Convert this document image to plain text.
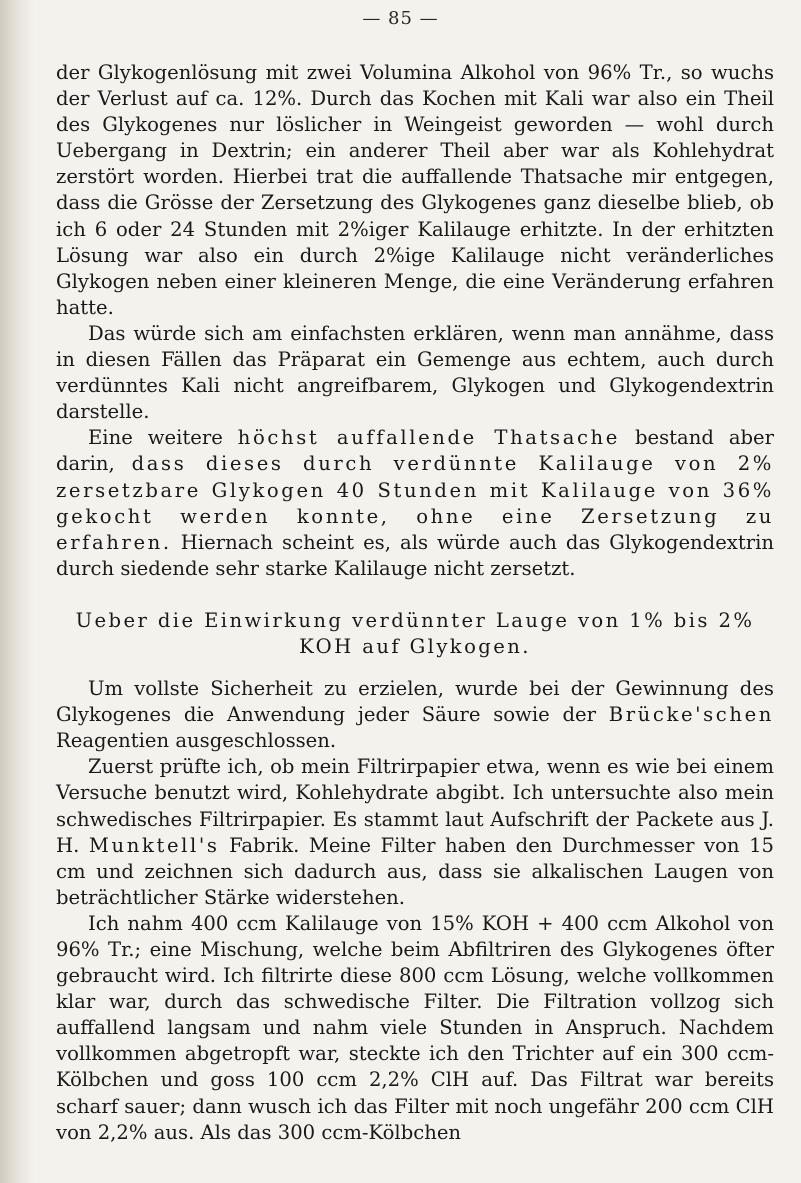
— 85 —

der Glykogenlösung mit zwei Volumina Alkohol von 96% Tr., so wuchs der Verlust auf ca. 12%. Durch das Kochen mit Kali war also ein Theil des Glykogenes nur löslicher in Weingeist geworden — wohl durch Uebergang in Dextrin; ein anderer Theil aber war als Kohlehydrat zerstört worden. Hierbei trat die auffallende Thatsache mir entgegen, dass die Grösse der Zersetzung des Glykogenes ganz dieselbe blieb, ob ich 6 oder 24 Stunden mit 2%iger Kalilauge erhitzte. In der erhitzten Lösung war also ein durch 2%ige Kalilauge nicht veränderliches Glykogen neben einer kleineren Menge, die eine Veränderung erfahren hatte.

Das würde sich am einfachsten erklären, wenn man annähme, dass in diesen Fällen das Präparat ein Gemenge aus echtem, auch durch verdünntes Kali nicht angreifbarem, Glykogen und Glykogendextrin darstelle.

Eine weitere höchst auffallende Thatsache bestand aber darin, dass dieses durch verdünnte Kalilauge von 2% zersetzbare Glykogen 40 Stunden mit Kalilauge von 36% gekocht werden konnte, ohne eine Zersetzung zu erfahren. Hiernach scheint es, als würde auch das Glykogendextrin durch siedende sehr starke Kalilauge nicht zersetzt.

Ueber die Einwirkung verdünnter Lauge von 1% bis 2% KOH auf Glykogen.

Um vollste Sicherheit zu erzielen, wurde bei der Gewinnung des Glykogenes die Anwendung jeder Säure sowie der Brücke'schen Reagentien ausgeschlossen.

Zuerst prüfte ich, ob mein Filtrirpapier etwa, wenn es wie bei einem Versuche benutzt wird, Kohlehydrate abgibt. Ich untersuchte also mein schwedisches Filtrirpapier. Es stammt laut Aufschrift der Packete aus J. H. Munktell's Fabrik. Meine Filter haben den Durchmesser von 15 cm und zeichnen sich dadurch aus, dass sie alkalischen Laugen von beträchtlicher Stärke widerstehen.

Ich nahm 400 ccm Kalilauge von 15% KOH + 400 ccm Alkohol von 96% Tr.; eine Mischung, welche beim Abfiltriren des Glykogenes öfter gebraucht wird. Ich filtrirte diese 800 ccm Lösung, welche vollkommen klar war, durch das schwedische Filter. Die Filtration vollzog sich auffallend langsam und nahm viele Stunden in Anspruch. Nachdem vollkommen abgetropft war, steckte ich den Trichter auf ein 300 ccm-Kölbchen und goss 100 ccm 2,2% ClH auf. Das Filtrat war bereits scharf sauer; dann wusch ich das Filter mit noch ungefähr 200 ccm ClH von 2,2% aus. Als das 300 ccm-Kölbchen
